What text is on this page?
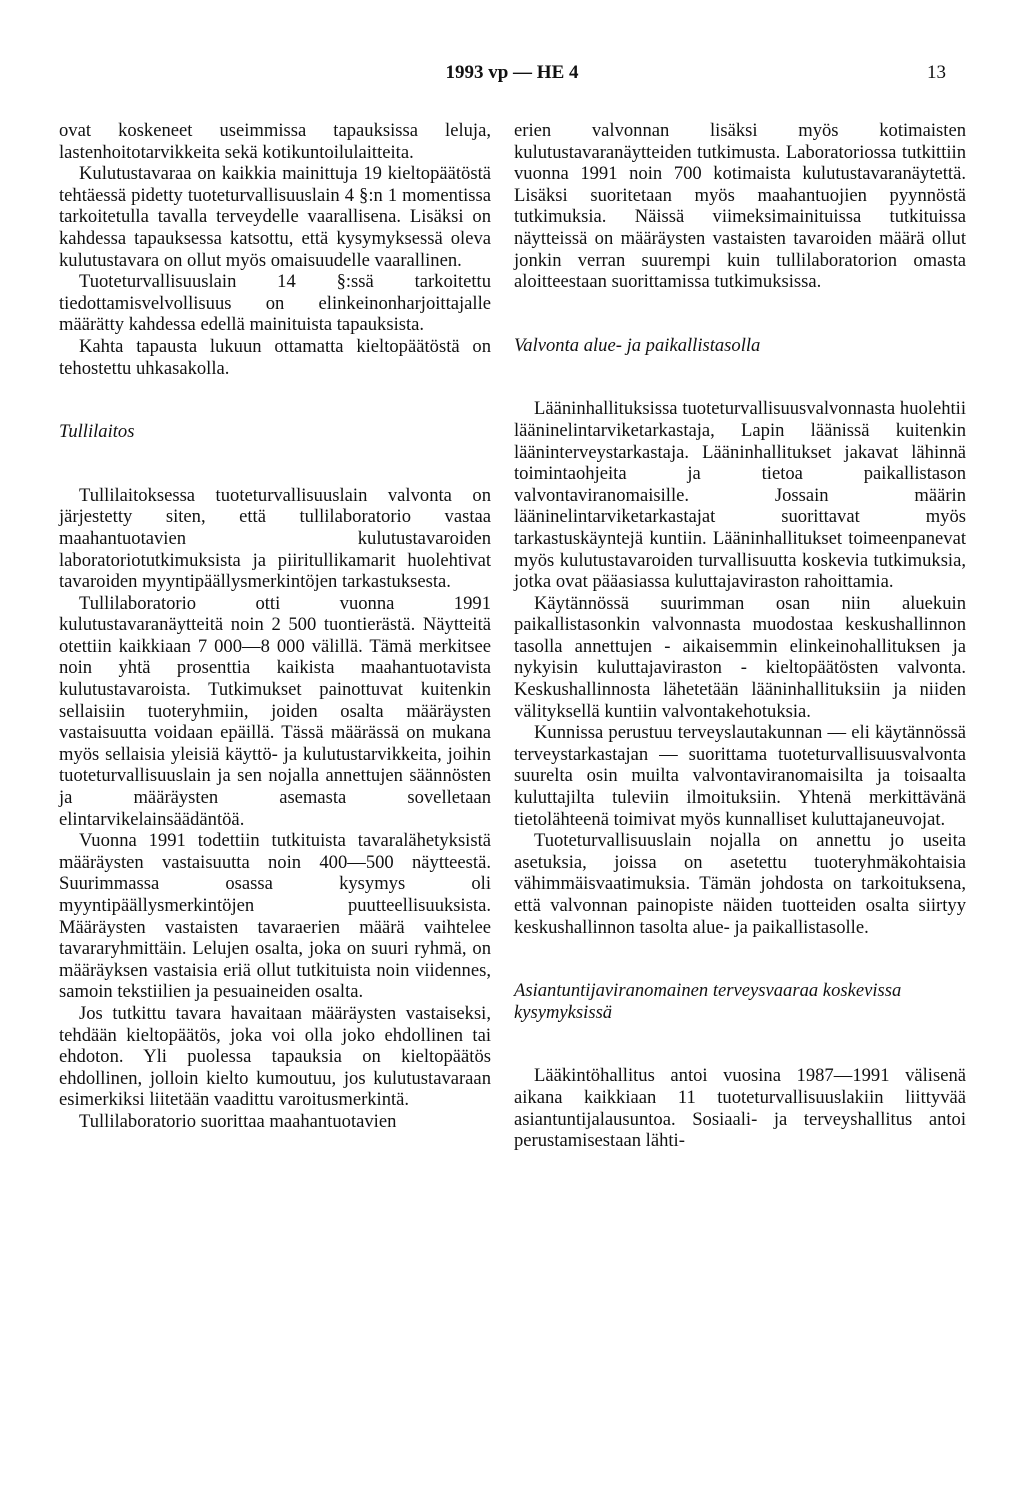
1993 vp — HE 4	13

ovat koskeneet useimmissa tapauksissa leluja, lastenhoitotarvikkeita sekä kotikuntoilulaitteita.

Kulutustavaraa on kaikkia mainittuja 19 kieltopäätöstä tehtäessä pidetty tuoteturvallisuuslain 4 §:n 1 momentissa tarkoitetulla tavalla terveydelle vaarallisena. Lisäksi on kahdessa tapauksessa katsottu, että kysymyksessä oleva kulutustavara on ollut myös omaisuudelle vaarallinen.

Tuoteturvallisuuslain 14 §:ssä tarkoitettu tiedottamisvelvollisuus on elinkeinonharjoittajalle määrätty kahdessa edellä mainituista tapauksista.

Kahta tapausta lukuun ottamatta kieltopäätöstä on tehostettu uhkasakolla.

Tullilaitos

Tullilaitoksessa tuoteturvallisuuslain valvonta on järjestetty siten, että tullilaboratorio vastaa maahantuotavien kulutustavaroiden laboratoriotutkimuksista ja piiritullikamarit huolehtivat tavaroiden myyntipäällysmerkintöjen tarkastuksesta.

Tullilaboratorio otti vuonna 1991 kulutustavaranäytteitä noin 2 500 tuontierästä. Näytteitä otettiin kaikkiaan 7 000—8 000 välillä. Tämä merkitsee noin yhtä prosenttia kaikista maahantuotavista kulutustavaroista. Tutkimukset painottuvat kuitenkin sellaisiin tuoteryhmiin, joiden osalta määräysten vastaisuutta voidaan epäillä. Tässä määrässä on mukana myös sellaisia yleisiä käyttö- ja kulutustarvikkeita, joihin tuoteturvallisuuslain ja sen nojalla annettujen säännösten ja määräysten asemasta sovelletaan elintarvikelainsäädäntöä.

Vuonna 1991 todettiin tutkituista tavaralähetyksistä määräysten vastaisuutta noin 400—500 näytteestä. Suurimmassa osassa kysymys oli myyntipäällysmerkintöjen puutteellisuuksista. Määräysten vastaisten tavaraerien määrä vaihtelee tavararyhmittäin. Lelujen osalta, joka on suuri ryhmä, on määräyksen vastaisia eriä ollut tutkituista noin viidennes, samoin tekstiilien ja pesuaineiden osalta.

Jos tutkittu tavara havaitaan määräysten vastaiseksi, tehdään kieltopäätös, joka voi olla joko ehdollinen tai ehdoton. Yli puolessa tapauksia on kieltopäätös ehdollinen, jolloin kielto kumoutuu, jos kulutustavaraan esimerkiksi liitetään vaadittu varoitusmerkintä.

Tullilaboratorio suorittaa maahantuotavien

erien valvonnan lisäksi myös kotimaisten kulutustavaranäytteiden tutkimusta. Laboratoriossa tutkittiin vuonna 1991 noin 700 kotimaista kulutustavaranäytettä. Lisäksi suoritetaan myös maahantuojien pyynnöstä tutkimuksia. Näissä viimeksimainituissa tutkituissa näytteissä on määräysten vastaisten tavaroiden määrä ollut jonkin verran suurempi kuin tullilaboratorion omasta aloitteestaan suorittamissa tutkimuksissa.

Valvonta alue- ja paikallistasolla

Lääninhallituksissa tuoteturvallisuusvalvonnasta huolehtii lääninelintarviketarkastaja, Lapin läänissä kuitenkin lääninterveystarkastaja. Lääninhallitukset jakavat lähinnä toimintaohjeita ja tietoa paikallistason valvontaviranomaisille. Jossain määrin lääninelintarviketarkastajat suorittavat myös tarkastuskäyntejä kuntiin. Lääninhallitukset toimeenpanevat myös kulutustavaroiden turvallisuutta koskevia tutkimuksia, jotka ovat pääasiassa kuluttajaviraston rahoittamia.

Käytännössä suurimman osan niin aluekuin paikallistasonkin valvonnasta muodostaa keskushallinnon tasolla annettujen - aikaisemmin elinkeinohallituksen ja nykyisin kuluttajaviraston - kieltopäätösten valvonta. Keskushallinnosta lähetetään lääninhallituksiin ja niiden välityksellä kuntiin valvontakehotuksia.

Kunnissa perustuu terveyslautakunnan — eli käytännössä terveystarkastajan — suorittama tuoteturvallisuusvalvonta suurelta osin muilta valvontaviranomaisilta ja toisaalta kuluttajilta tuleviin ilmoituksiin. Yhtenä merkittävänä tietolähteenä toimivat myös kunnalliset kuluttajaneuvojat.

Tuoteturvallisuuslain nojalla on annettu jo useita asetuksia, joissa on asetettu tuoteryhmäkohtaisia vähimmäisvaatimuksia. Tämän johdosta on tarkoituksena, että valvonnan painopiste näiden tuotteiden osalta siirtyy keskushallinnon tasolta alue- ja paikallistasolle.

Asiantuntijaviranomainen terveysvaaraa koskevissa kysymyksissä

Lääkintöhallitus antoi vuosina 1987—1991 välisenä aikana kaikkiaan 11 tuoteturvallisuuslakiin liittyvää asiantuntijalausuntoa. Sosiaali- ja terveyshallitus antoi perustamisestaan lähti-
